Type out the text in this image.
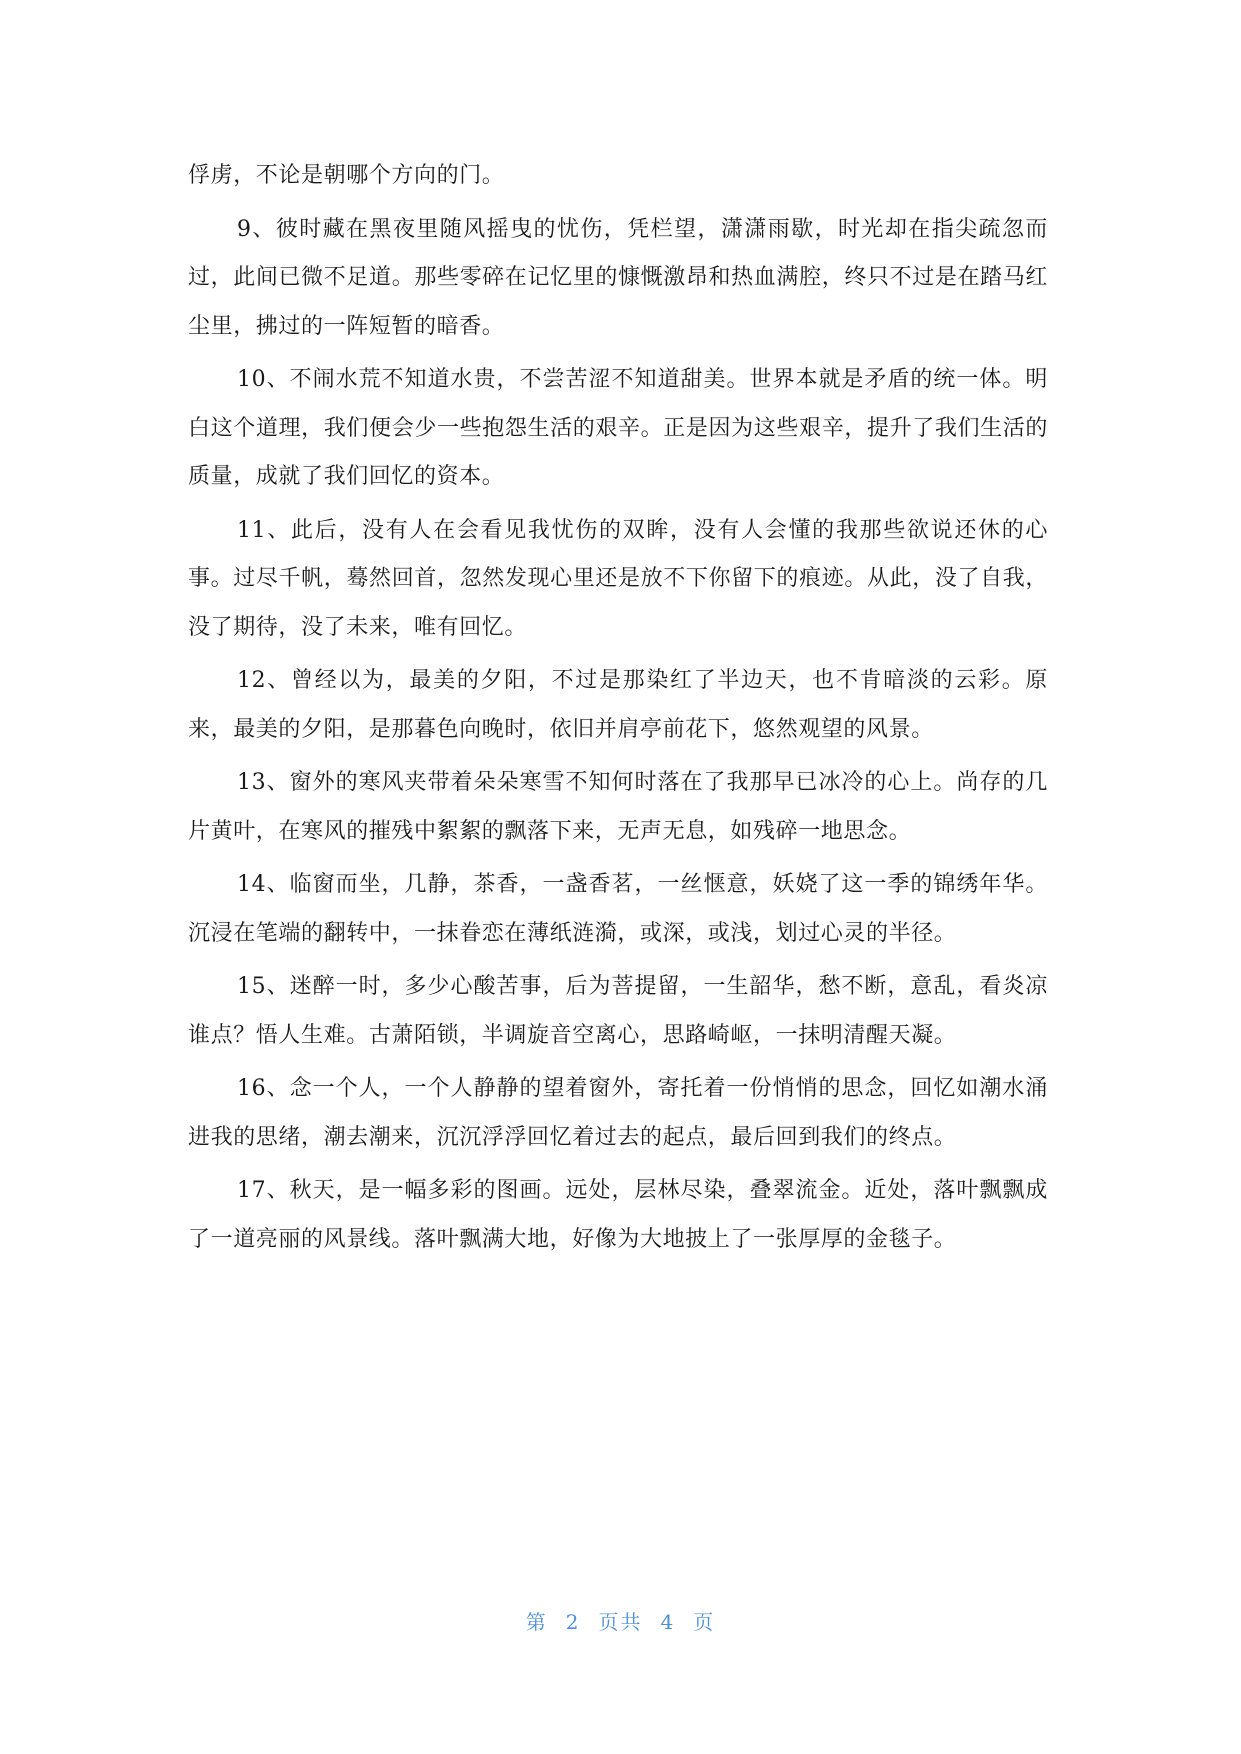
俘虏，不论是朝哪个方向的门。

9、彼时藏在黑夜里随风摇曳的忧伤，凭栏望，潇潇雨歇，时光却在指尖疏忽而过，此间已微不足道。那些零碎在记忆里的慷慨激昂和热血满腔，终只不过是在踏马红尘里，拂过的一阵短暂的暗香。

10、不闹水荒不知道水贵，不尝苦涩不知道甜美。世界本就是矛盾的统一体。明白这个道理，我们便会少一些抱怨生活的艰辛。正是因为这些艰辛，提升了我们生活的质量，成就了我们回忆的资本。

11、此后，没有人在会看见我忧伤的双眸，没有人会懂的我那些欲说还休的心事。过尽千帆，蓦然回首，忽然发现心里还是放不下你留下的痕迹。从此，没了自我，没了期待，没了未来，唯有回忆。

12、曾经以为，最美的夕阳，不过是那染红了半边天，也不肯暗淡的云彩。原来，最美的夕阳，是那暮色向晚时，依旧并肩亭前花下，悠然观望的风景。

13、窗外的寒风夹带着朵朵寒雪不知何时落在了我那早已冰冷的心上。尚存的几片黄叶，在寒风的摧残中絮絮的飘落下来，无声无息，如残碎一地思念。

14、临窗而坐，几静，茶香，一盏香茗，一丝惬意，妖娆了这一季的锦绣年华。沉浸在笔端的翻转中，一抹眷恋在薄纸涟漪，或深，或浅，划过心灵的半径。

15、迷醉一时，多少心酸苦事，后为菩提留，一生韶华，愁不断，意乱，看炎凉谁点？悟人生难。古萧陌锁，半调旋音空离心，思路崎岖，一抹明清醒天凝。

16、念一个人，一个人静静的望着窗外，寄托着一份悄悄的思念，回忆如潮水涌进我的思绪，潮去潮来，沉沉浮浮回忆着过去的起点，最后回到我们的终点。

17、秋天，是一幅多彩的图画。远处，层林尽染，叠翠流金。近处，落叶飘飘成了一道亮丽的风景线。落叶飘满大地，好像为大地披上了一张厚厚的金毯子。

第 2 页共 4 页
